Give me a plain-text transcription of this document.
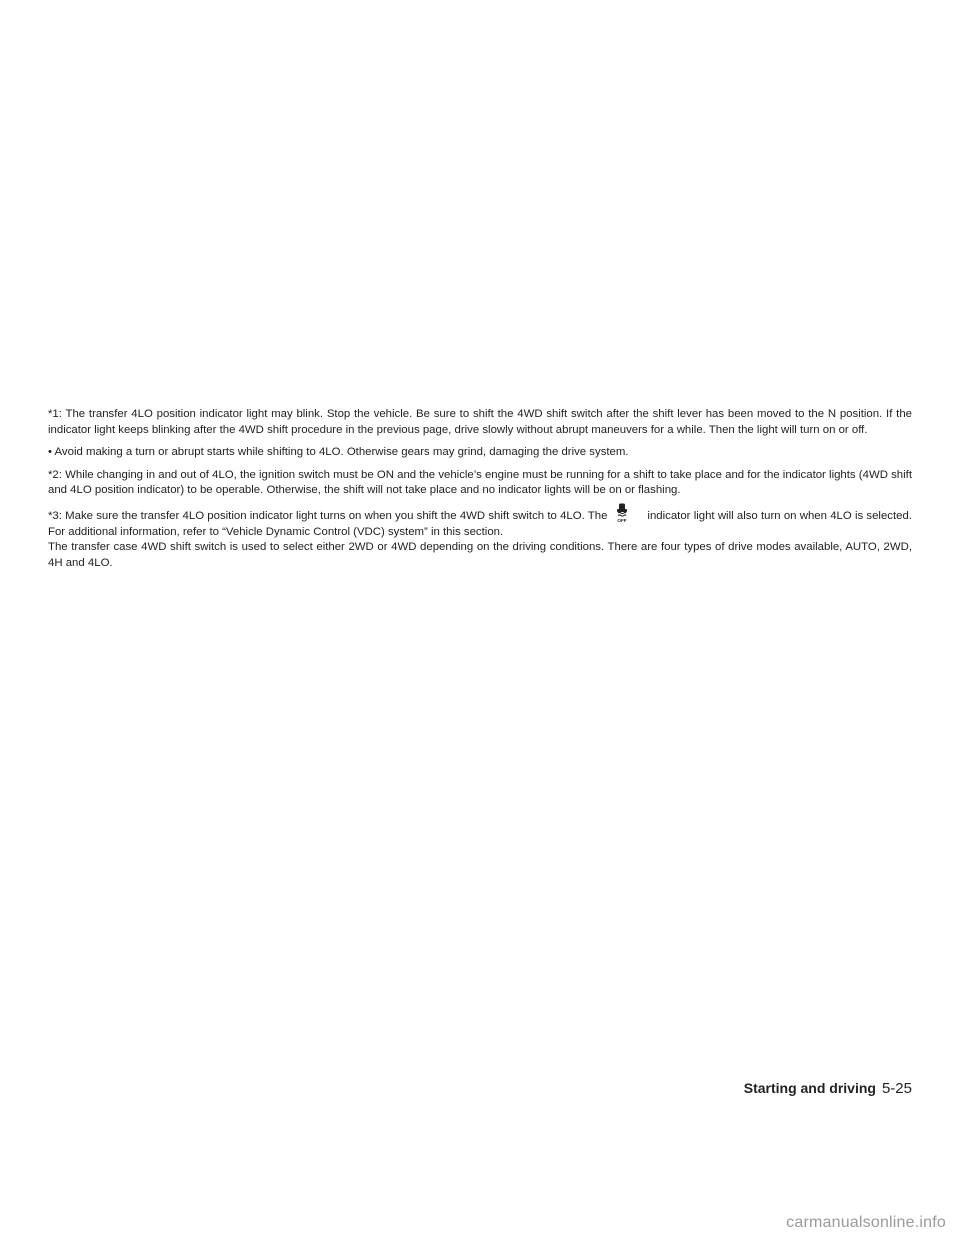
*1: The transfer 4LO position indicator light may blink. Stop the vehicle. Be sure to shift the 4WD shift switch after the shift lever has been moved to the N position. If the indicator light keeps blinking after the 4WD shift procedure in the previous page, drive slowly without abrupt maneuvers for a while. Then the light will turn on or off.

• Avoid making a turn or abrupt starts while shifting to 4LO. Otherwise gears may grind, damaging the drive system.

*2: While changing in and out of 4LO, the ignition switch must be ON and the vehicle’s engine must be running for a shift to take place and for the indicator lights (4WD shift and 4LO position indicator) to be operable. Otherwise, the shift will not take place and no indicator lights will be on or flashing.

*3: Make sure the transfer 4LO position indicator light turns on when you shift the 4WD shift switch to 4LO. The OFF indicator light will also turn on when 4LO is selected. For additional information, refer to “Vehicle Dynamic Control (VDC) system” in this section.

The transfer case 4WD shift switch is used to select either 2WD or 4WD depending on the driving conditions. There are four types of drive modes available, AUTO, 2WD, 4H and 4LO.

Starting and driving 5-25
carmanualsonline.info
